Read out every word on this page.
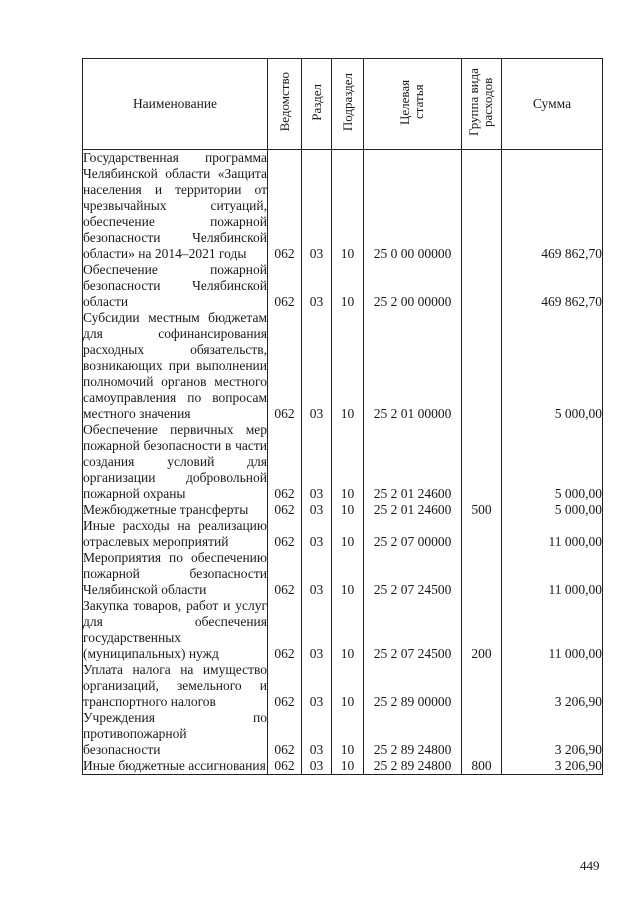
Наименование	Ведомство	Раздел	Подраздел	Целевая статья	Группа вида расходов	Сумма
Государственная программа Челябинской области «Защита населения и территории от чрезвычайных ситуаций, обеспечение пожарной безопасности Челябинской области» на 2014–2021 годы	062	03	10	25 0 00 00000		469 862,70
Обеспечение пожарной безопасности Челябинской области	062	03	10	25 2 00 00000		469 862,70
Субсидии местным бюджетам для софинансирования расходных обязательств, возникающих при выполнении полномочий органов местного самоуправления по вопросам местного значения	062	03	10	25 2 01 00000		5 000,00
Обеспечение первичных мер пожарной безопасности в части создания условий для организации добровольной пожарной охраны	062	03	10	25 2 01 24600		5 000,00
Межбюджетные трансферты	062	03	10	25 2 01 24600	500	5 000,00
Иные расходы на реализацию отраслевых мероприятий	062	03	10	25 2 07 00000		11 000,00
Мероприятия по обеспечению пожарной безопасности Челябинской области	062	03	10	25 2 07 24500		11 000,00
Закупка товаров, работ и услуг для обеспечения государственных (муниципальных) нужд	062	03	10	25 2 07 24500	200	11 000,00
Уплата налога на имущество организаций, земельного и транспортного налогов	062	03	10	25 2 89 00000		3 206,90
Учреждения по противопожарной безопасности	062	03	10	25 2 89 24800		3 206,90
Иные бюджетные ассигнования	062	03	10	25 2 89 24800	800	3 206,90
449
